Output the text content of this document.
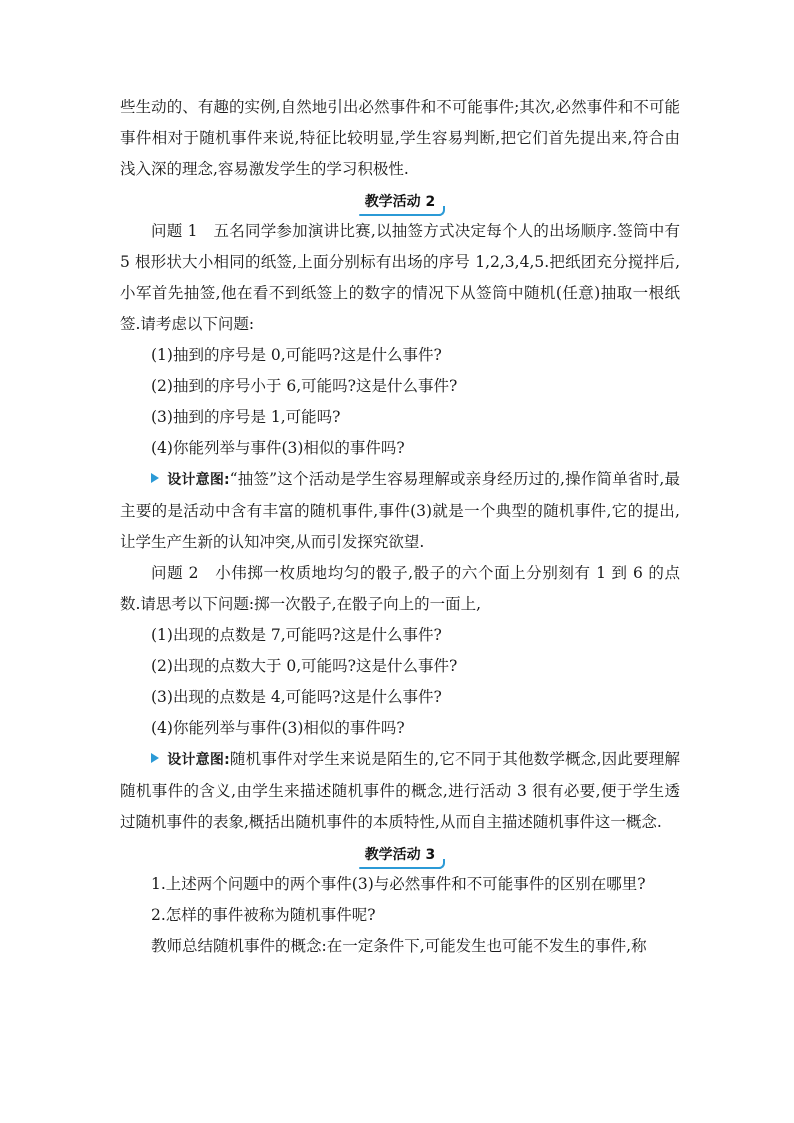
些生动的、有趣的实例,自然地引出必然事件和不可能事件;其次,必然事件和不可能事件相对于随机事件来说,特征比较明显,学生容易判断,把它们首先提出来,符合由浅入深的理念,容易激发学生的学习积极性.

教学活动 2

问题 1　五名同学参加演讲比赛,以抽签方式决定每个人的出场顺序.签筒中有 5 根形状大小相同的纸签,上面分别标有出场的序号 1,2,3,4,5.把纸团充分搅拌后,小军首先抽签,他在看不到纸签上的数字的情况下从签筒中随机(任意)抽取一根纸签.请考虑以下问题:

(1)抽到的序号是 0,可能吗?这是什么事件?

(2)抽到的序号小于 6,可能吗?这是什么事件?

(3)抽到的序号是 1,可能吗?

(4)你能列举与事件(3)相似的事件吗?

设计意图:“抽签”这个活动是学生容易理解或亲身经历过的,操作简单省时,最主要的是活动中含有丰富的随机事件,事件(3)就是一个典型的随机事件,它的提出,让学生产生新的认知冲突,从而引发探究欲望.

问题 2　小伟掷一枚质地均匀的骰子,骰子的六个面上分别刻有 1 到 6 的点数.请思考以下问题:掷一次骰子,在骰子向上的一面上,

(1)出现的点数是 7,可能吗?这是什么事件?

(2)出现的点数大于 0,可能吗?这是什么事件?

(3)出现的点数是 4,可能吗?这是什么事件?

(4)你能列举与事件(3)相似的事件吗?

设计意图:随机事件对学生来说是陌生的,它不同于其他数学概念,因此要理解随机事件的含义,由学生来描述随机事件的概念,进行活动 3 很有必要,便于学生透过随机事件的表象,概括出随机事件的本质特性,从而自主描述随机事件这一概念.

教学活动 3

1.上述两个问题中的两个事件(3)与必然事件和不可能事件的区别在哪里?

2.怎样的事件被称为随机事件呢?

教师总结随机事件的概念:在一定条件下,可能发生也可能不发生的事件,称
